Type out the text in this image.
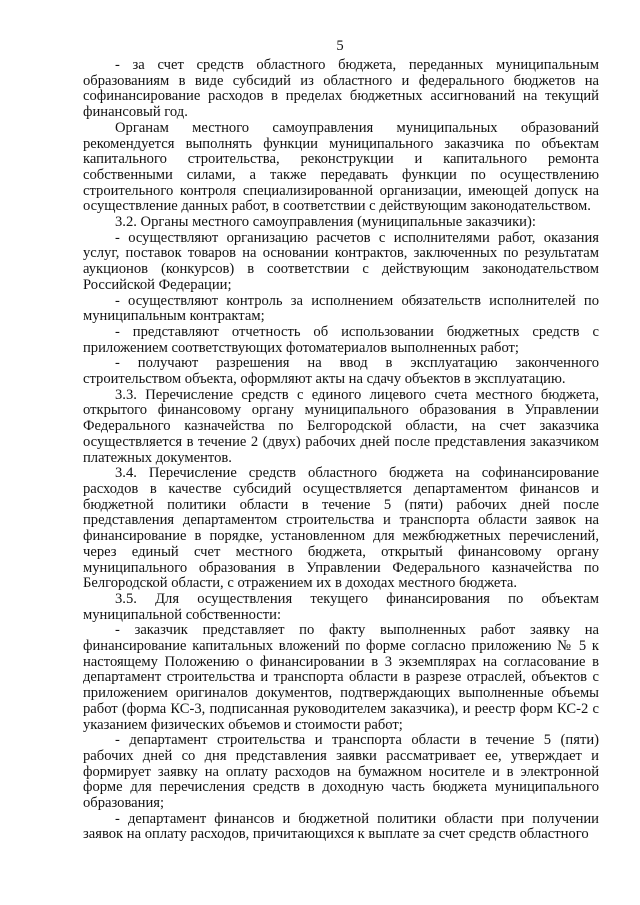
5

- за счет средств областного бюджета, переданных муниципальным образованиям в виде субсидий из областного и федерального бюджетов на софинансирование расходов в пределах бюджетных ассигнований на текущий финансовый год.

Органам местного самоуправления муниципальных образований рекомендуется выполнять функции муниципального заказчика по объектам капитального строительства, реконструкции и капитального ремонта собственными силами, а также передавать функции по осуществлению строительного контроля специализированной организации, имеющей допуск на осуществление данных работ, в соответствии с действующим законодательством.

3.2. Органы местного самоуправления (муниципальные заказчики):

- осуществляют организацию расчетов с исполнителями работ, оказания услуг, поставок товаров на основании контрактов, заключенных по результатам аукционов (конкурсов) в соответствии с действующим законодательством Российской Федерации;

- осуществляют контроль за исполнением обязательств исполнителей по муниципальным контрактам;

- представляют отчетность об использовании бюджетных средств с приложением соответствующих фотоматериалов выполненных работ;

- получают разрешения на ввод в эксплуатацию законченного строительством объекта, оформляют акты на сдачу объектов в эксплуатацию.

3.3. Перечисление средств с единого лицевого счета местного бюджета, открытого финансовому органу муниципального образования в Управлении Федерального казначейства по Белгородской области, на счет заказчика осуществляется в течение 2 (двух) рабочих дней после представления заказчиком платежных документов.

3.4. Перечисление средств областного бюджета на софинансирование расходов в качестве субсидий осуществляется департаментом финансов и бюджетной политики области в течение 5 (пяти) рабочих дней после представления департаментом строительства и транспорта области заявок на финансирование в порядке, установленном для межбюджетных перечислений, через единый счет местного бюджета, открытый финансовому органу муниципального образования в Управлении Федерального казначейства по Белгородской области, с отражением их в доходах местного бюджета.

3.5. Для осуществления текущего финансирования по объектам муниципальной собственности:

- заказчик представляет по факту выполненных работ заявку на финансирование капитальных вложений по форме согласно приложению № 5 к настоящему Положению о финансировании в 3 экземплярах на согласование в департамент строительства и транспорта области в разрезе отраслей, объектов с приложением оригиналов документов, подтверждающих выполненные объемы работ (форма КС-3, подписанная руководителем заказчика), и реестр форм КС-2 с указанием физических объемов и стоимости работ;

- департамент строительства и транспорта области в течение 5 (пяти) рабочих дней со дня представления заявки рассматривает ее, утверждает и формирует заявку на оплату расходов на бумажном носителе и в электронной форме для перечисления средств в доходную часть бюджета муниципального образования;

- департамент финансов и бюджетной политики области при получении заявок на оплату расходов, причитающихся к выплате за счет средств областного
